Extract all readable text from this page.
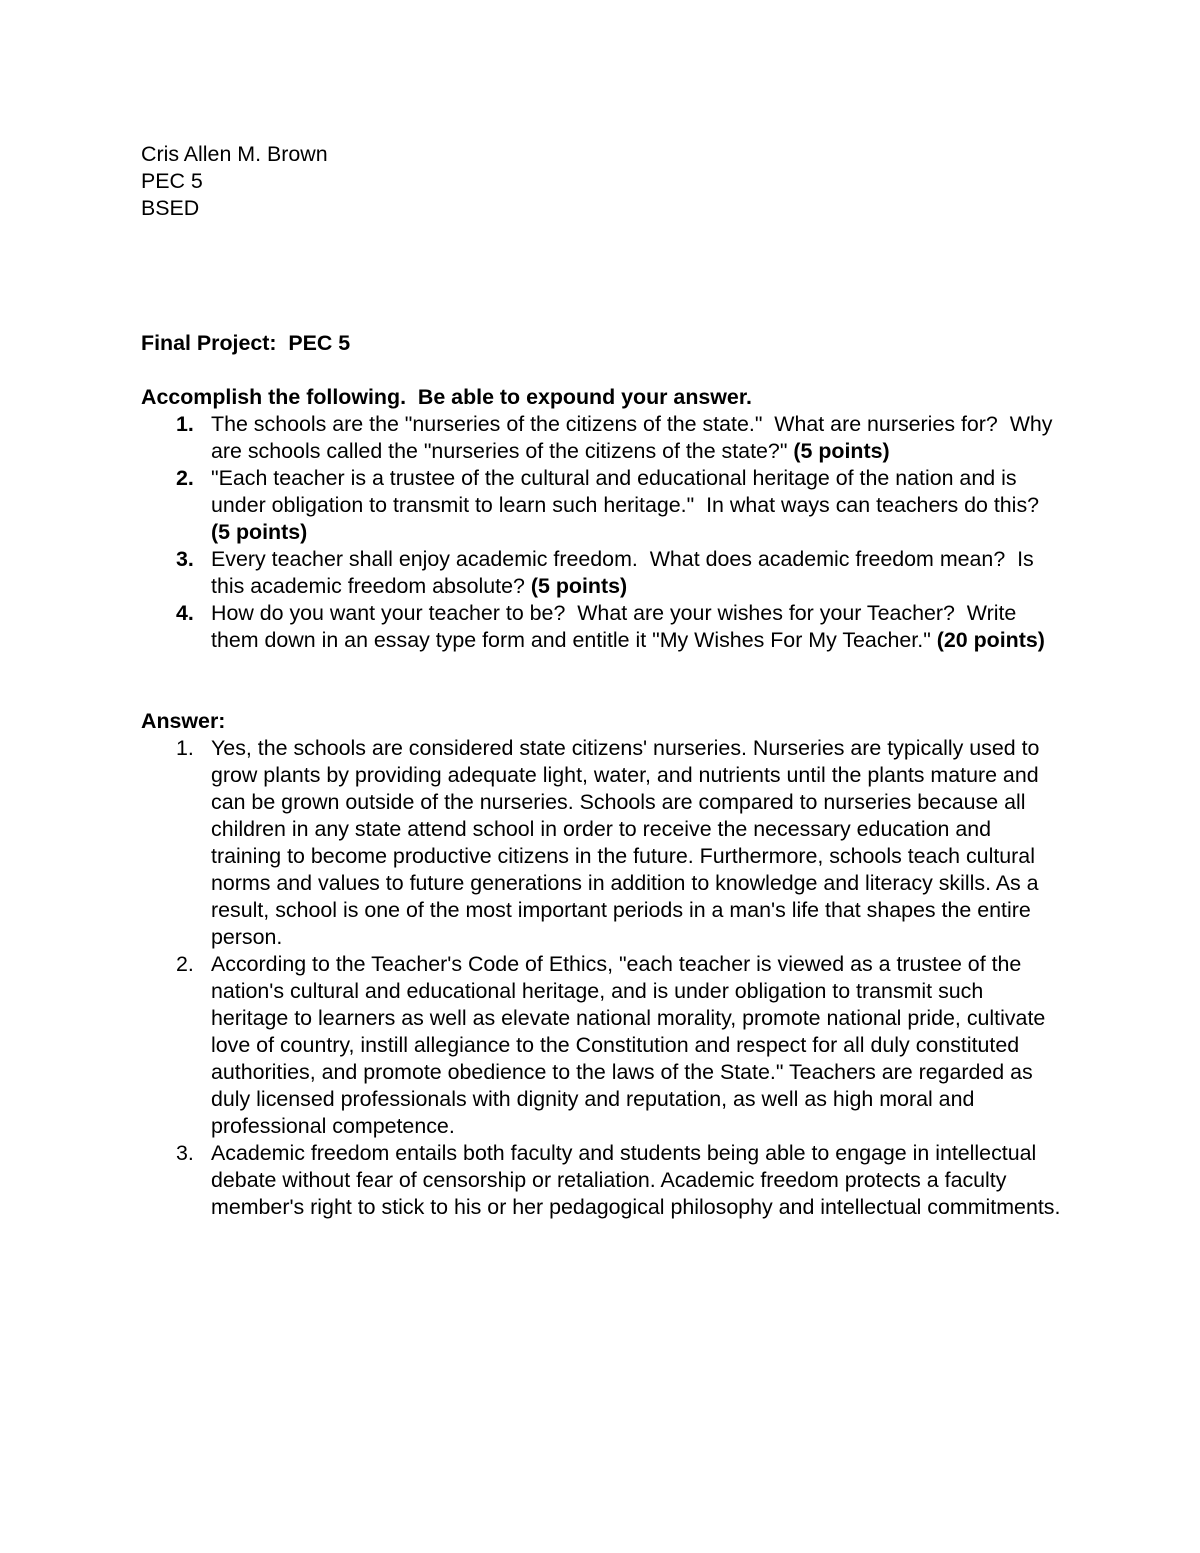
Cris Allen M. Brown
PEC 5
BSED
Final Project:  PEC 5
Accomplish the following.  Be able to expound your answer.
1. The schools are the "nurseries of the citizens of the state."  What are nurseries for?  Why are schools called the "nurseries of the citizens of the state?" (5 points)
2. "Each teacher is a trustee of the cultural and educational heritage of the nation and is under obligation to transmit to learn such heritage."  In what ways can teachers do this? (5 points)
3. Every teacher shall enjoy academic freedom.  What does academic freedom mean?  Is this academic freedom absolute? (5 points)
4. How do you want your teacher to be?  What are your wishes for your Teacher?  Write them down in an essay type form and entitle it "My Wishes For My Teacher." (20 points)
Answer:
1. Yes, the schools are considered state citizens' nurseries. Nurseries are typically used to grow plants by providing adequate light, water, and nutrients until the plants mature and can be grown outside of the nurseries. Schools are compared to nurseries because all children in any state attend school in order to receive the necessary education and training to become productive citizens in the future. Furthermore, schools teach cultural norms and values to future generations in addition to knowledge and literacy skills. As a result, school is one of the most important periods in a man's life that shapes the entire person.
2. According to the Teacher's Code of Ethics, "each teacher is viewed as a trustee of the nation's cultural and educational heritage, and is under obligation to transmit such heritage to learners as well as elevate national morality, promote national pride, cultivate love of country, instill allegiance to the Constitution and respect for all duly constituted authorities, and promote obedience to the laws of the State." Teachers are regarded as duly licensed professionals with dignity and reputation, as well as high moral and professional competence.
3. Academic freedom entails both faculty and students being able to engage in intellectual debate without fear of censorship or retaliation. Academic freedom protects a faculty member's right to stick to his or her pedagogical philosophy and intellectual commitments.
